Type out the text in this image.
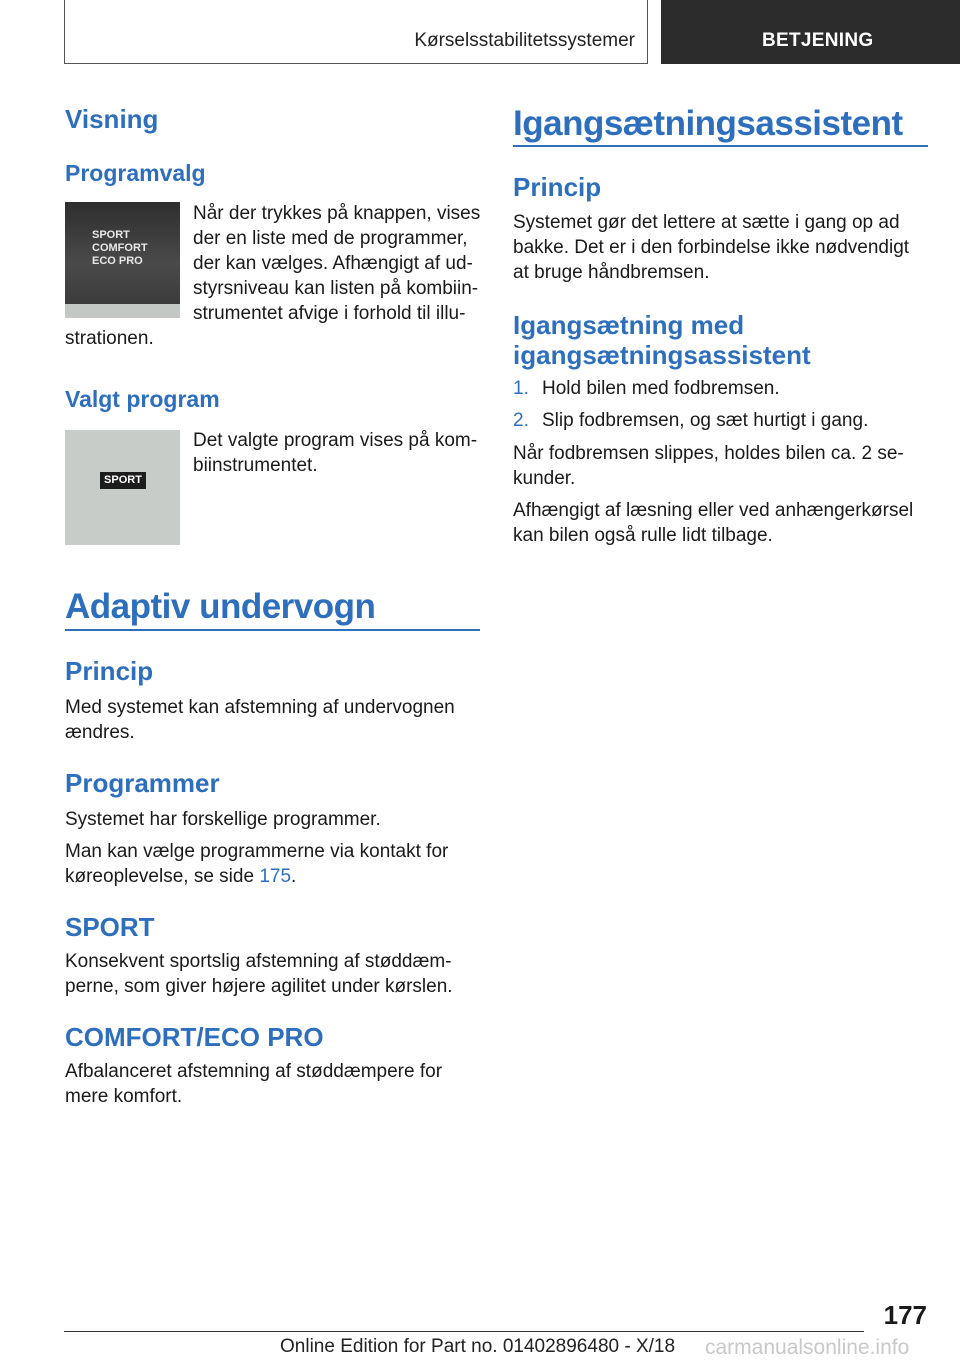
Kørselsstabilitetssystemer	BETJENING
Visning
Programvalg
SPORT
COMFORT
ECO PRO
Når der trykkes på knappen, vises
der en liste med de programmer,
der kan vælges. Afhængigt af ud-
styrsniveau kan listen på kombiin-
strumentet afvige i forhold til illu-
strationen.
Valgt program
SPORT
Det valgte program vises på kom-
biinstrumentet.
Adaptiv undervogn
Princip
Med systemet kan afstemning af undervognen
ændres.
Programmer
Systemet har forskellige programmer.
Man kan vælge programmerne via kontakt for
køreoplevelse, se side 175.
SPORT
Konsekvent sportslig afstemning af støddæm-
perne, som giver højere agilitet under kørslen.
COMFORT/ECO PRO
Afbalanceret afstemning af støddæmpere for
mere komfort.
Igangsætningsassistent
Princip
Systemet gør det lettere at sætte i gang op ad
bakke. Det er i den forbindelse ikke nødvendigt
at bruge håndbremsen.
Igangsætning med
igangsætningsassistent
1. Hold bilen med fodbremsen.
2. Slip fodbremsen, og sæt hurtigt i gang.
Når fodbremsen slippes, holdes bilen ca. 2 se-
kunder.
Afhængigt af læsning eller ved anhængerkørsel
kan bilen også rulle lidt tilbage.
177
Online Edition for Part no. 01402896480 - X/18 carmanualsonline.info
